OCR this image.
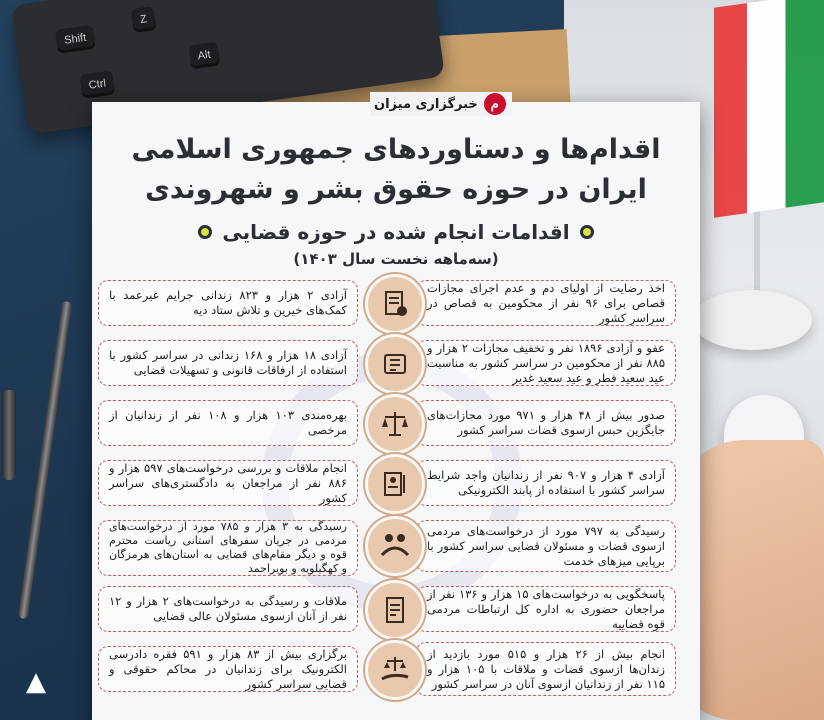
Shift
Z
Ctrl
Alt
م
خبرگزاری میزان
اقدام‌ها و دستاوردهای جمهوری اسلامی ایران در حوزه حقوق بشر و شهروندی
اقدامات انجام شده در حوزه قضایی
(سه‌ماهه نخست سال ۱۴۰۳)
اخذ رضایت از اولیای دم و عدم اجرای مجازات قصاص برای ۹۶ نفر از محکومین به قصاص در سراسر کشور
عفو و آزادی ۱۸۹۶ نفر و تخفیف مجازات ۲ هزار و ۸۸۵ نفر از محکومین در سراسر کشور به مناسبت عید سعید فطر و عید سعید غدیر
صدور بیش از ۴۸ هزار و ۹۷۱ مورد مجازات‌های جایگزین حبس ازسوی قضات سراسر کشور
آزادی ۴ هزار و ۹۰۷ نفر از زندانیان واجد شرایط سراسر کشور با استفاده از پابند الکترونیکی
رسیدگی به ۷۹۷ مورد از درخواست‌های مردمی ازسوی قضات و مسئولان قضایی سراسر کشور با برپایی میزهای خدمت
پاسخگویی به درخواست‌های ۱۵ هزار و ۱۳۶ نفر از مراجعان حضوری به اداره کل ارتباطات مردمی قوه قضاییه
انجام بیش از ۲۶ هزار و ۵۱۵ مورد بازدید از زندان‌ها ازسوی قضات و ملاقات با ۱۰۵ هزار و ۱۱۵ نفر از زندانیان ازسوی آنان در سراسر کشور
آزادی ۲ هزار و ۸۲۳ زندانی جرایم غیرعمد با کمک‌های خیرین و تلاش ستاد دیه
آزادی ۱۸ هزار و ۱۶۸ زندانی در سراسر کشور با استفاده از ارفاقات قانونی و تسهیلات قضایی
بهره‌مندی ۱۰۳ هزار و ۱۰۸ نفر از زندانیان از مرخصی
انجام ملاقات و بررسی درخواست‌های ۵۹۷ هزار و ۸۸۶ نفر از مراجعان به دادگستری‌های سراسر کشور
رسیدگی به ۳ هزار و ۷۸۵ مورد از درخواست‌های مردمی در جریان سفرهای استانی ریاست محترم قوه و دیگر مقام‌های قضایی به استان‌های هرمزگان و کهگیلویه و بویراحمد
ملاقات و رسیدگی به درخواست‌های ۲ هزار و ۱۲ نفر از آنان ازسوی مسئولان عالی قضایی
برگزاری بیش از ۸۳ هزار و ۵۹۱ فقره دادرسی الکترونیک برای زندانیان در محاکم حقوقی و قضایی سراسر کشور
▲
